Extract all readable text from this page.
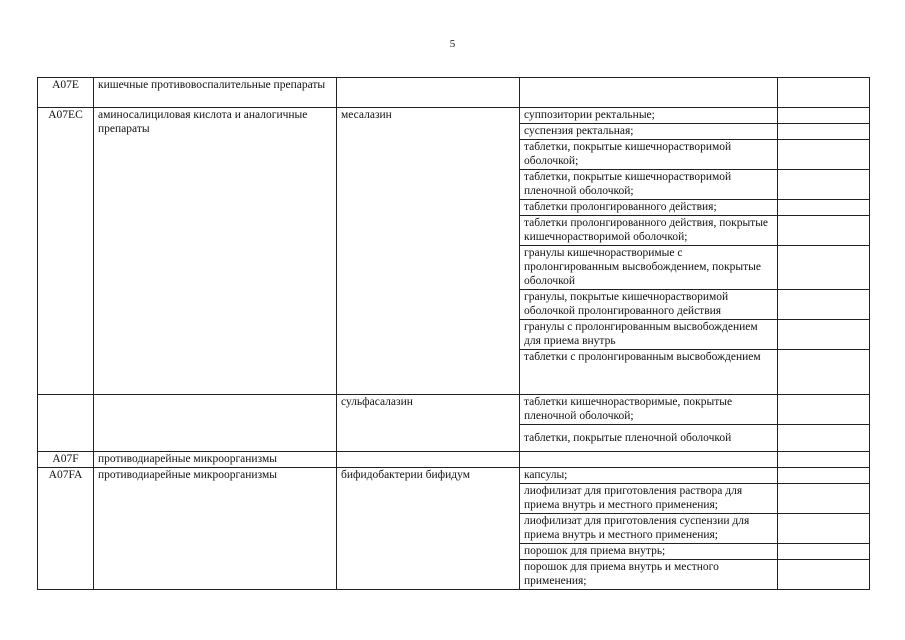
5
A07E	кишечные противовоспалительные препараты			
A07EC	аминосалициловая кислота и аналогичные препараты	месалазин	суппозитории ректальные;	
			суспензия ректальная;	
			таблетки, покрытые кишечнорастворимой оболочкой;	
			таблетки, покрытые кишечнорастворимой пленочной оболочкой;	
			таблетки пролонгированного действия;	
			таблетки пролонгированного действия, покрытые кишечнорастворимой оболочкой;	
			гранулы кишечнорастворимые с пролонгированным высвобождением, покрытые оболочкой	
			гранулы, покрытые кишечнорастворимой оболочкой пролонгированного действия	
			гранулы с пролонгированным высвобождением для приема внутрь	
			таблетки с пролонгированным высвобождением	
		сульфасалазин	таблетки кишечнорастворимые, покрытые пленочной оболочкой;	
			таблетки, покрытые пленочной оболочкой	
A07F	противодиарейные микроорганизмы			
A07FA	противодиарейные микроорганизмы	бифидобактерии бифидум	капсулы;	
			лиофилизат для приготовления раствора для приема внутрь и местного применения;	
			лиофилизат для приготовления суспензии для приема внутрь и местного применения;	
			порошок для приема внутрь;	
			порошок для приема внутрь и местного применения;	
